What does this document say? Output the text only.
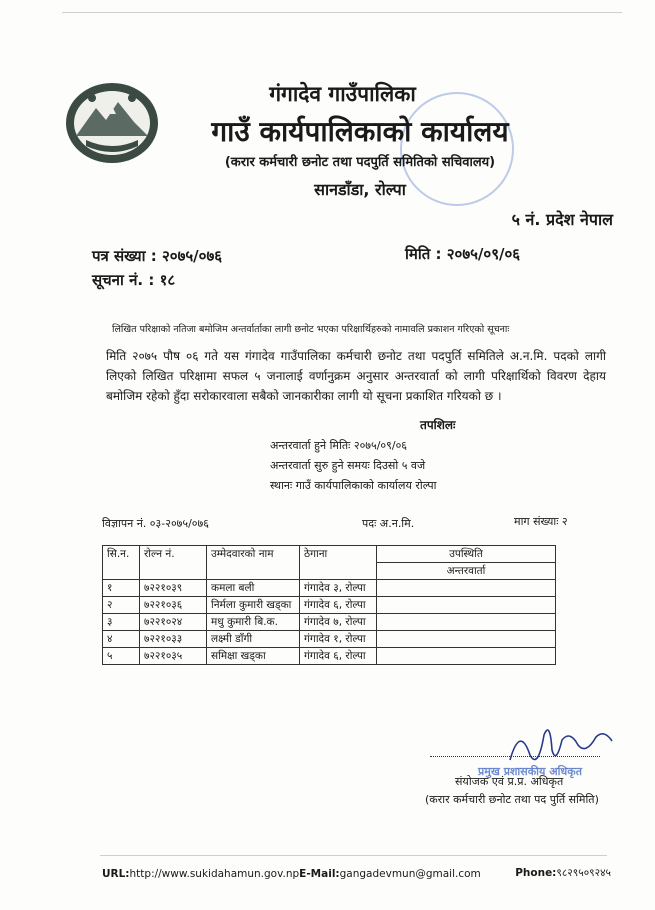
गंगादेव गाउँपालिका
गाउँ कार्यपालिकाको कार्यालय
(करार कर्मचारी छनोट तथा पदपुर्ति समितिको सचिवालय)
सानडाँडा, रोल्पा
५ नं. प्रदेश नेपाल
पत्र संख्या : २०७५/०७६	मिति : २०७५/०९/०६
सूचना नं. : १८
लिखित परिक्षाको नतिजा बमोजिम अन्तर्वार्ताका लागी छनोट भएका परिक्षार्थिहरुको नामावलि प्रकाशन गरिएको सूचनाः
मिति २०७५ पौष ०६ गते यस गंगादेव गाउँपालिका कर्मचारी छनोट तथा पदपुर्ति समितिले अ.न.मि. पदको लागी लिएको लिखित परिक्षामा सफल ५ जनालाई वर्णानुक्रम अनुसार अन्तरवार्ता को लागी परिक्षार्थिको विवरण देहाय बमोजिम रहेको हुँदा सरोकारवाला सबैको जानकारीका लागी यो सूचना प्रकाशित गरियको छ ।
तपशिलः
अन्तरवार्ता हुने मितिः २०७५/०९/०६
अन्तरवार्ता सुरु हुने समयः दिउसो ५ वजे
स्थानः गाउँ कार्यपालिकाको कार्यालय रोल्पा
विज्ञापन नं. ०३-२०७५/०७६	पदः अ.न.मि.	माग संख्याः २
सि.न.	रोल्न नं.	उम्मेदवारको नाम	ठेगाना	उपस्थिति
				अन्तरवार्ता
१	७२२१०३९	कमला बली	गंगादेव ३, रोल्पा	
२	७२२१०३६	निर्मला कुमारी खड्का	गंगादेव ६, रोल्पा	
३	७२२१०२४	मधु कुमारी बि.क.	गंगादेव ७, रोल्पा	
४	७२२१०३३	लक्ष्मी डाँगी	गंगादेव १, रोल्पा	
५	७२२१०३५	समिक्षा खड्का	गंगादेव ६, रोल्पा	
प्रमुख प्रशासकीय अधिकृत
संयोजक एवं प्र.प्र. अधिकृत
(करार कर्मचारी छनोट तथा पद पुर्ति समिति)
URL:http://www.sukidahamun.gov.npE-Mail:gangadevmun@gmail.com	Phone:९८२९५०९२४५
